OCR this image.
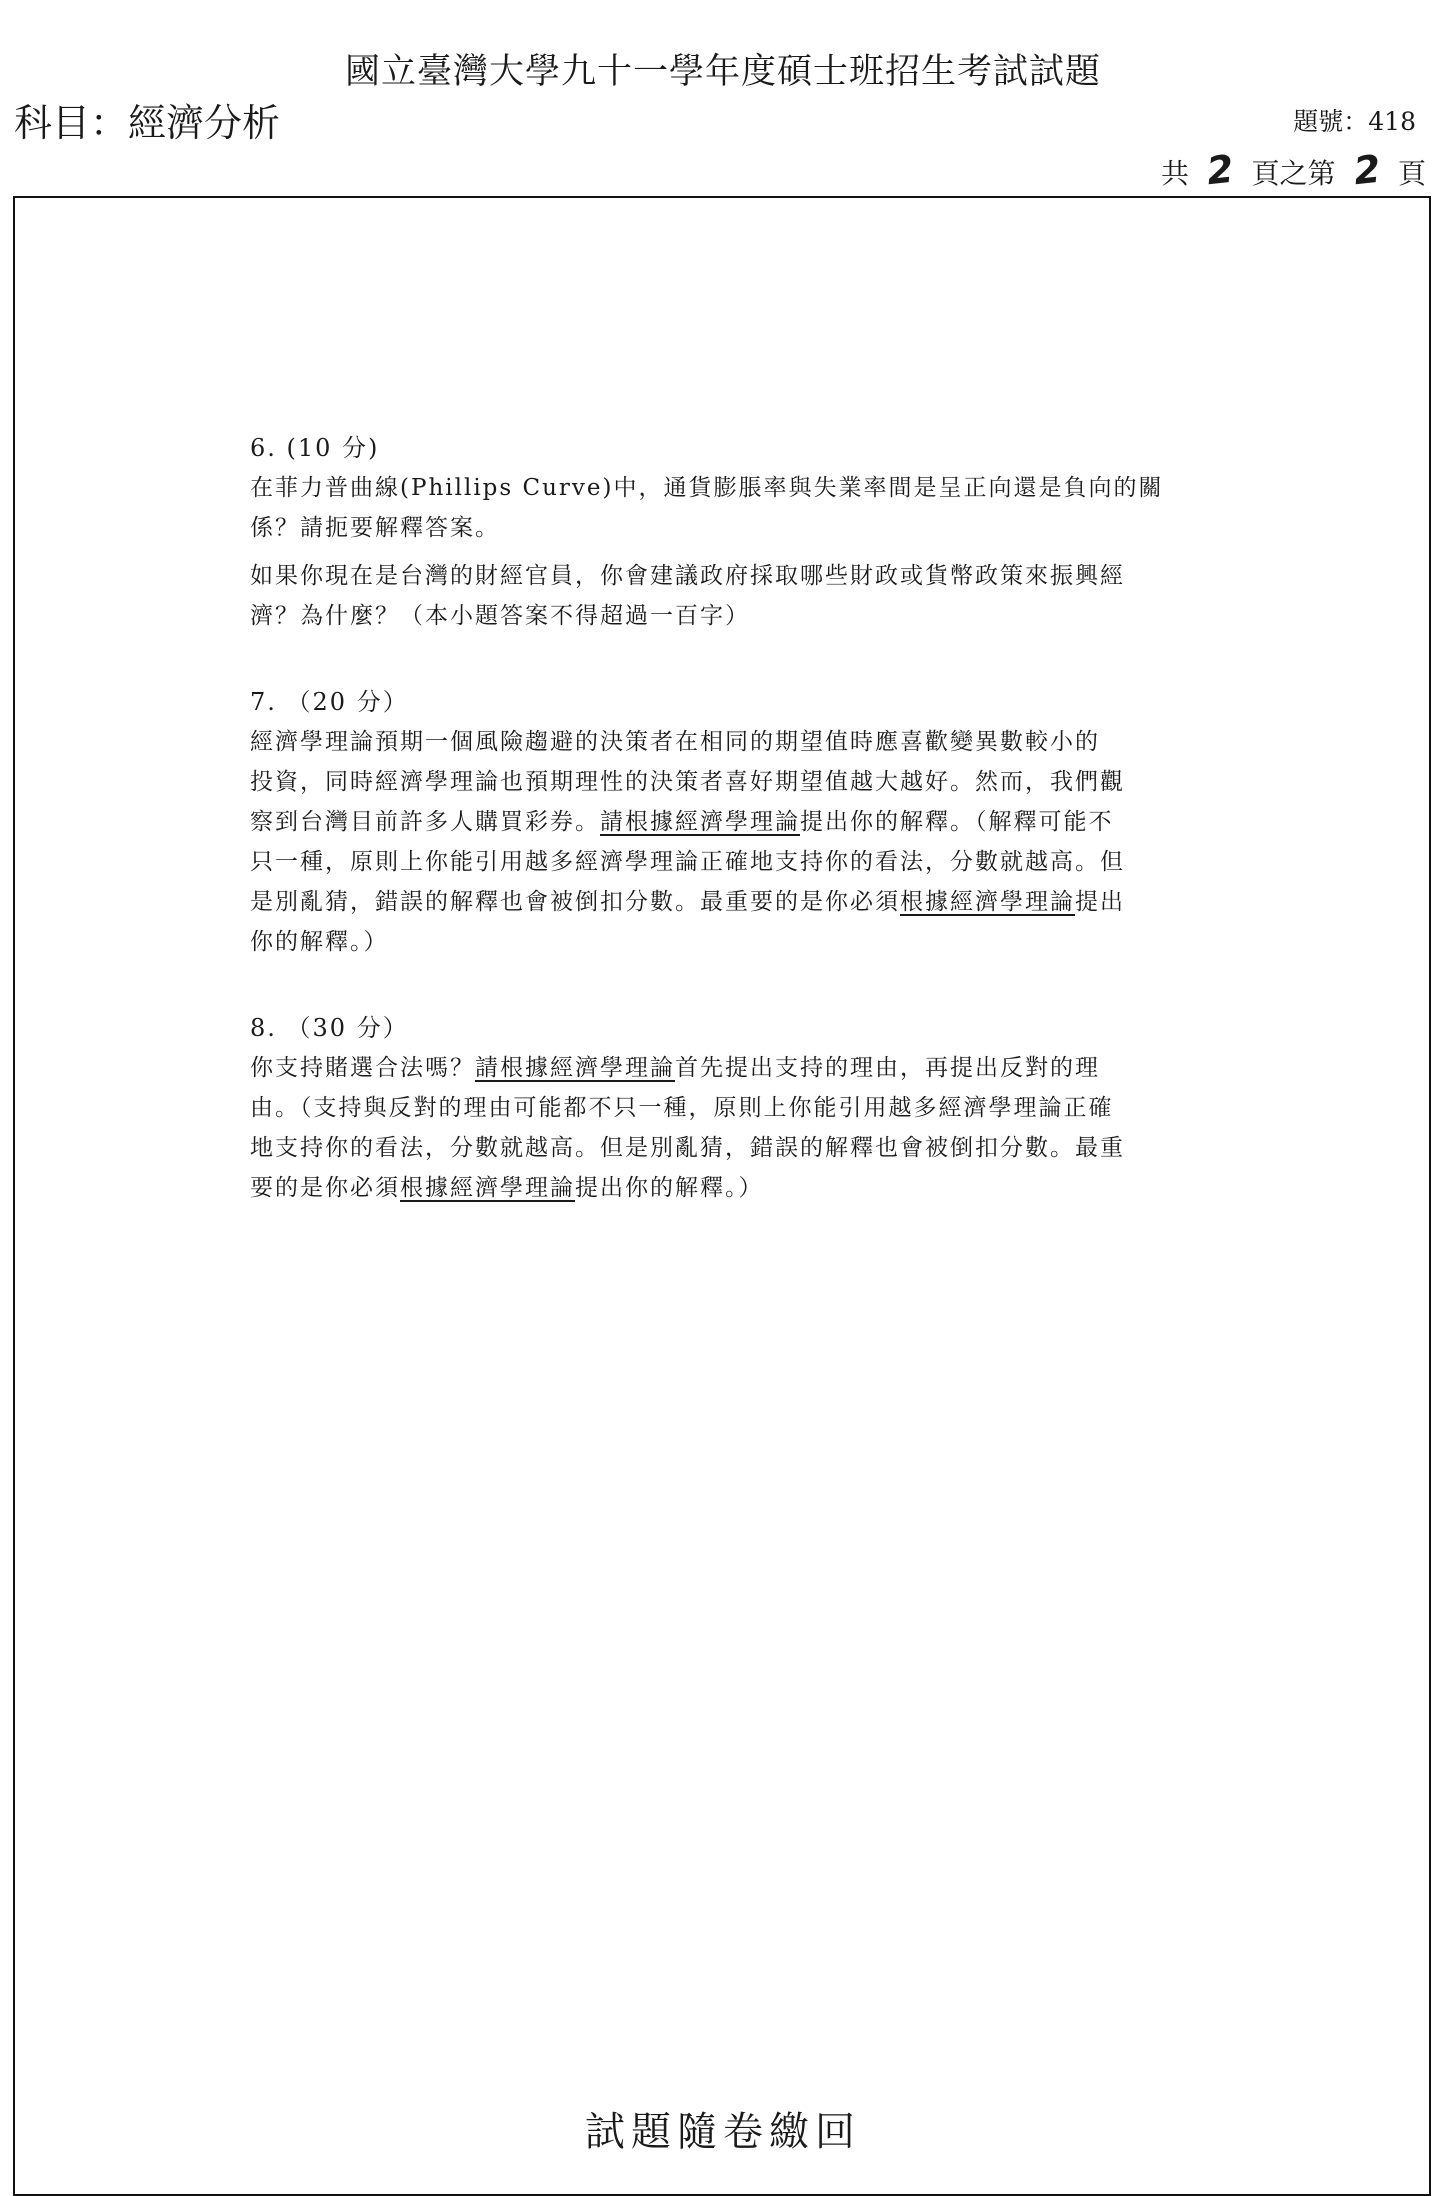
國立臺灣大學九十一學年度碩士班招生考試試題
科目：經濟分析	題號：418
共 2 頁之第 2 頁

6. (10 分)

在菲力普曲線(Phillips Curve)中，通貨膨脹率與失業率間是呈正向還是負向的關

係？請扼要解釋答案。

如果你現在是台灣的財經官員，你會建議政府採取哪些財政或貨幣政策來振興經

濟？為什麼？（本小題答案不得超過一百字）

7. （20 分）

經濟學理論預期一個風險趨避的決策者在相同的期望值時應喜歡變異數較小的

投資，同時經濟學理論也預期理性的決策者喜好期望值越大越好。然而，我們觀

察到台灣目前許多人購買彩券。請根據經濟學理論提出你的解釋。（解釋可能不

只一種，原則上你能引用越多經濟學理論正確地支持你的看法，分數就越高。但

是別亂猜，錯誤的解釋也會被倒扣分數。最重要的是你必須根據經濟學理論提出

你的解釋。）

8. （30 分）

你支持賭選合法嗎？請根據經濟學理論首先提出支持的理由，再提出反對的理

由。（支持與反對的理由可能都不只一種，原則上你能引用越多經濟學理論正確

地支持你的看法，分數就越高。但是別亂猜，錯誤的解釋也會被倒扣分數。最重

要的是你必須根據經濟學理論提出你的解釋。）

試題隨卷繳回
